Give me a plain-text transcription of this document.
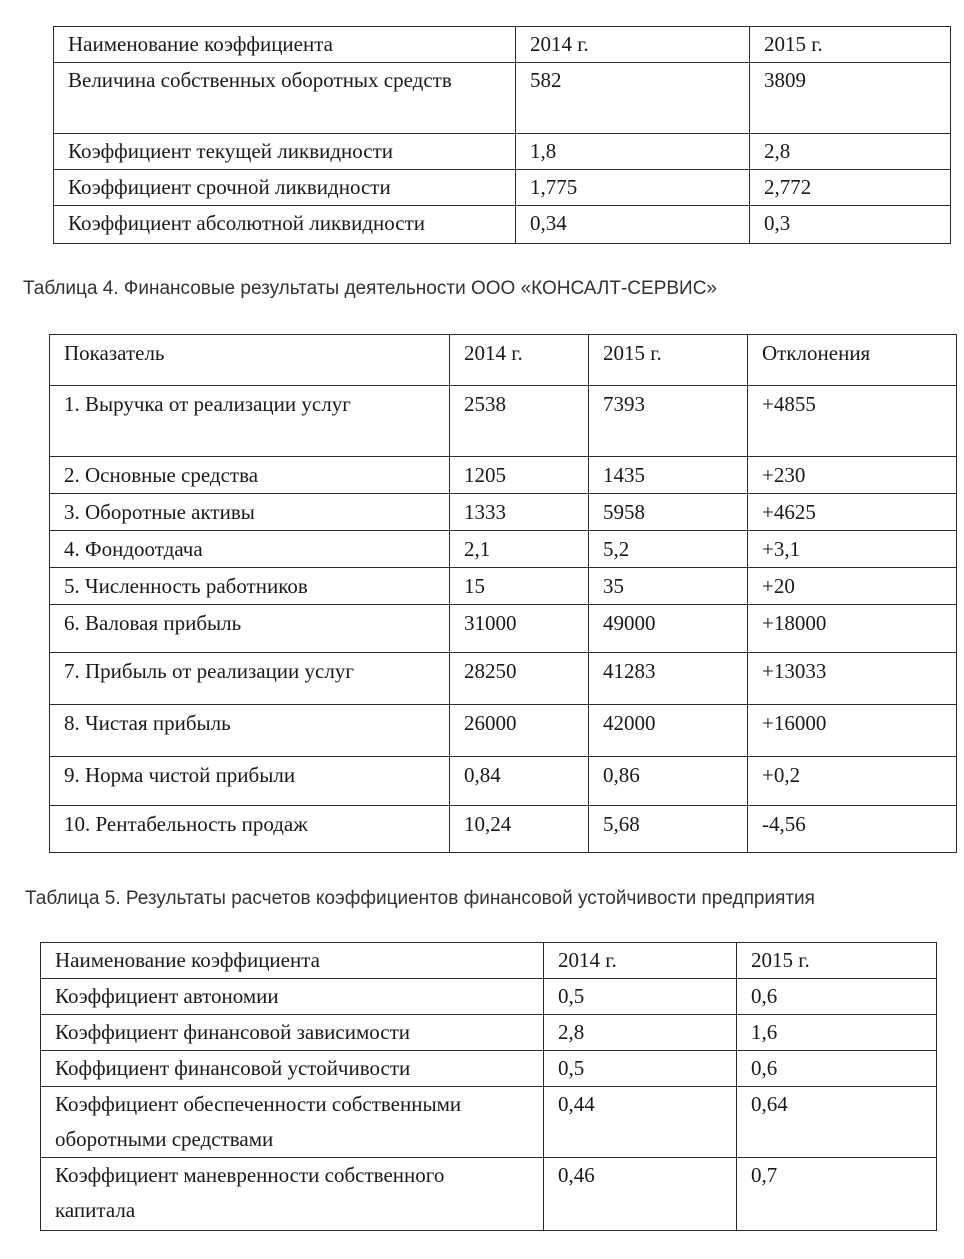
Наименование коэффициента	2014 г.	2015 г.
Величина собственных оборотных средств	582	3809
Коэффициент текущей ликвидности	1,8	2,8
Коэффициент срочной ликвидности	1,775	2,772
Коэффициент абсолютной ликвидности	0,34	0,3

Таблица 4. Финансовые результаты деятельности ООО «КОНСАЛТ-СЕРВИС»

Показатель	2014 г.	2015 г.	Отклонения
1. Выручка от реализации услуг	2538	7393	+4855
2. Основные средства	1205	1435	+230
3. Оборотные активы	1333	5958	+4625
4. Фондоотдача	2,1	5,2	+3,1
5. Численность работников	15	35	+20
6. Валовая прибыль	31000	49000	+18000
7. Прибыль от реализации услуг	28250	41283	+13033
8. Чистая прибыль	26000	42000	+16000
9. Норма чистой прибыли	0,84	0,86	+0,2
10. Рентабельность продаж	10,24	5,68	-4,56

Таблица 5. Результаты расчетов коэффициентов финансовой устойчивости предприятия

Наименование коэффициента	2014 г.	2015 г.
Коэффициент автономии	0,5	0,6
Коэффициент финансовой зависимости	2,8	1,6
Коффициент финансовой устойчивости	0,5	0,6
Коэффициент обеспеченности собственными оборотными средствами	0,44	0,64
Коэффициент маневренности собственного капитала	0,46	0,7
